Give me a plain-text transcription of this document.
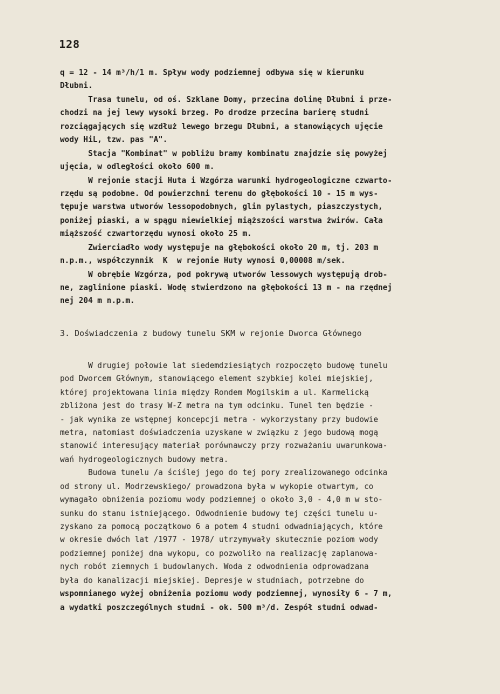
128
q = 12 - 14 m³/h/1 m. Spływ wody podziemnej odbywa się w kierunku
Dłubni.
Trasa tunelu, od oś. Szklane Domy, przecina dolinę Dłubni i prze-
chodzi na jej lewy wysoki brzeg. Po drodze przecina barierę studni
rozciągających się wzdłuż lewego brzegu Dłubni, a stanowiących ujęcie
wody HiL, tzw. pas "A".
Stacja "Kombinat" w pobliżu bramy kombinatu znajdzie się powyżej
ujęcia, w odległości około 600 m.
W rejonie stacji Huta i Wzgórza warunki hydrogeologiczne czwarto-
rzędu są podobne. Od powierzchni terenu do głębokości 10 - 15 m wys-
tępuje warstwa utworów lessopodobnych, glin pylastych, piaszczystych,
poniżej piaski, a w spągu niewielkiej miąższości warstwa żwirów. Cała
miąższość czwartorzędu wynosi około 25 m.
Zwierciadło wody występuje na głębokości około 20 m, tj. 203 m
n.p.m., współczynnik  K  w rejonie Huty wynosi 0,00008 m/sek.
W obrębie Wzgórza, pod pokrywą utworów lessowych występują drob-
ne, zaglinione piaski. Wodę stwierdzono na głębokości 13 m - na rzędnej
nej 204 m n.p.m.
3. Doświadczenia z budowy tunelu SKM w rejonie Dworca Głównego
W drugiej połowie lat siedemdziesiątych rozpoczęto budowę tunelu
pod Dworcem Głównym, stanowiącego element szybkiej kolei miejskiej,
której projektowana linia między Rondem Mogilskim a ul. Karmelicką
zbliżona jest do trasy W-Z metra na tym odcinku. Tunel ten będzie -
- jak wynika ze wstępnej koncepcji metra - wykorzystany przy budowie
metra, natomiast doświadczenia uzyskane w związku z jego budową mogą
stanowić interesujący materiał porównawczy przy rozważaniu uwarunkowa-
wań hydrogeologicznych budowy metra.
Budowa tunelu /a ściślej jego do tej pory zrealizowanego odcinka
od strony ul. Modrzewskiego/ prowadzona była w wykopie otwartym, co
wymagało obniżenia poziomu wody podziemnej o około 3,0 - 4,0 m w sto-
sunku do stanu istniejącego. Odwodnienie budowy tej części tunelu u-
zyskano za pomocą początkowo 6 a potem 4 studni odwadniających, które
w okresie dwóch lat /1977 - 1978/ utrzymywały skutecznie poziom wody
podziemnej poniżej dna wykopu, co pozwoliło na realizację zaplanowa-
nych robót ziemnych i budowlanych. Woda z odwodnienia odprowadzana
była do kanalizacji miejskiej. Depresje w studniach, potrzebne do
wspomnianego wyżej obniżenia poziomu wody podziemnej, wynosiły 6 - 7 m,
a wydatki poszczególnych studni - ok. 500 m³/d. Zespół studni odwad-
